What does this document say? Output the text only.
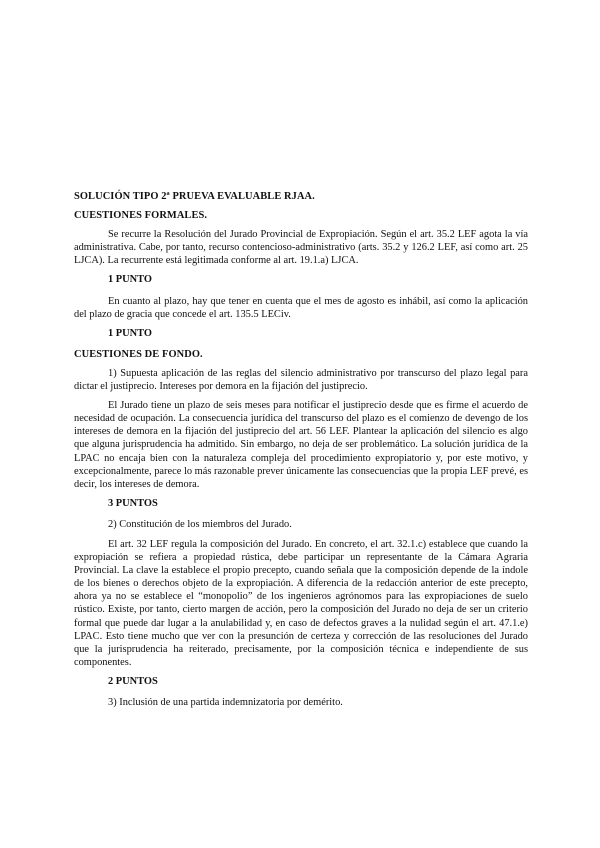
SOLUCIÓN TIPO 2ª PRUEVA EVALUABLE RJAA.
CUESTIONES FORMALES.

Se recurre la Resolución del Jurado Provincial de Expropiación. Según el art. 35.2 LEF agota la vía administrativa. Cabe, por tanto, recurso contencioso-administrativo (arts. 35.2 y 126.2 LEF, así como art. 25 LJCA). La recurrente está legitimada conforme al art. 19.1.a) LJCA.

1 PUNTO

En cuanto al plazo, hay que tener en cuenta que el mes de agosto es inhábil, así como la aplicación del plazo de gracia que concede el art. 135.5 LECiv.

1 PUNTO
CUESTIONES DE FONDO.

1) Supuesta aplicación de las reglas del silencio administrativo por transcurso del plazo legal para dictar el justiprecio. Intereses por demora en la fijación del justiprecio.

El Jurado tiene un plazo de seis meses para notificar el justiprecio desde que es firme el acuerdo de necesidad de ocupación. La consecuencia jurídica del transcurso del plazo es el comienzo de devengo de los intereses de demora en la fijación del justiprecio del art. 56 LEF. Plantear la aplicación del silencio es algo que alguna jurisprudencia ha admitido. Sin embargo, no deja de ser problemático. La solución jurídica de la LPAC no encaja bien con la naturaleza compleja del procedimiento expropiatorio y, por este motivo, y excepcionalmente, parece lo más razonable prever únicamente las consecuencias que la propia LEF prevé, es decir, los intereses de demora.

3 PUNTOS
2) Constitución de los miembros del Jurado.

El art. 32 LEF regula la composición del Jurado. En concreto, el art. 32.1.c) establece que cuando la expropiación se refiera a propiedad rústica, debe participar un representante de la Cámara Agraria Provincial. La clave la establece el propio precepto, cuando señala que la composición depende de la índole de los bienes o derechos objeto de la expropiación. A diferencia de la redacción anterior de este precepto, ahora ya no se establece el “monopolio” de los ingenieros agrónomos para las expropiaciones de suelo rústico. Existe, por tanto, cierto margen de acción, pero la composición del Jurado no deja de ser un criterio formal que puede dar lugar a la anulabilidad y, en caso de defectos graves a la nulidad según el art. 47.1.e) LPAC. Esto tiene mucho que ver con la presunción de certeza y corrección de las resoluciones del Jurado que la jurisprudencia ha reiterado, precisamente, por la composición técnica e independiente de sus componentes.

2 PUNTOS
3) Inclusión de una partida indemnizatoria por demérito.
